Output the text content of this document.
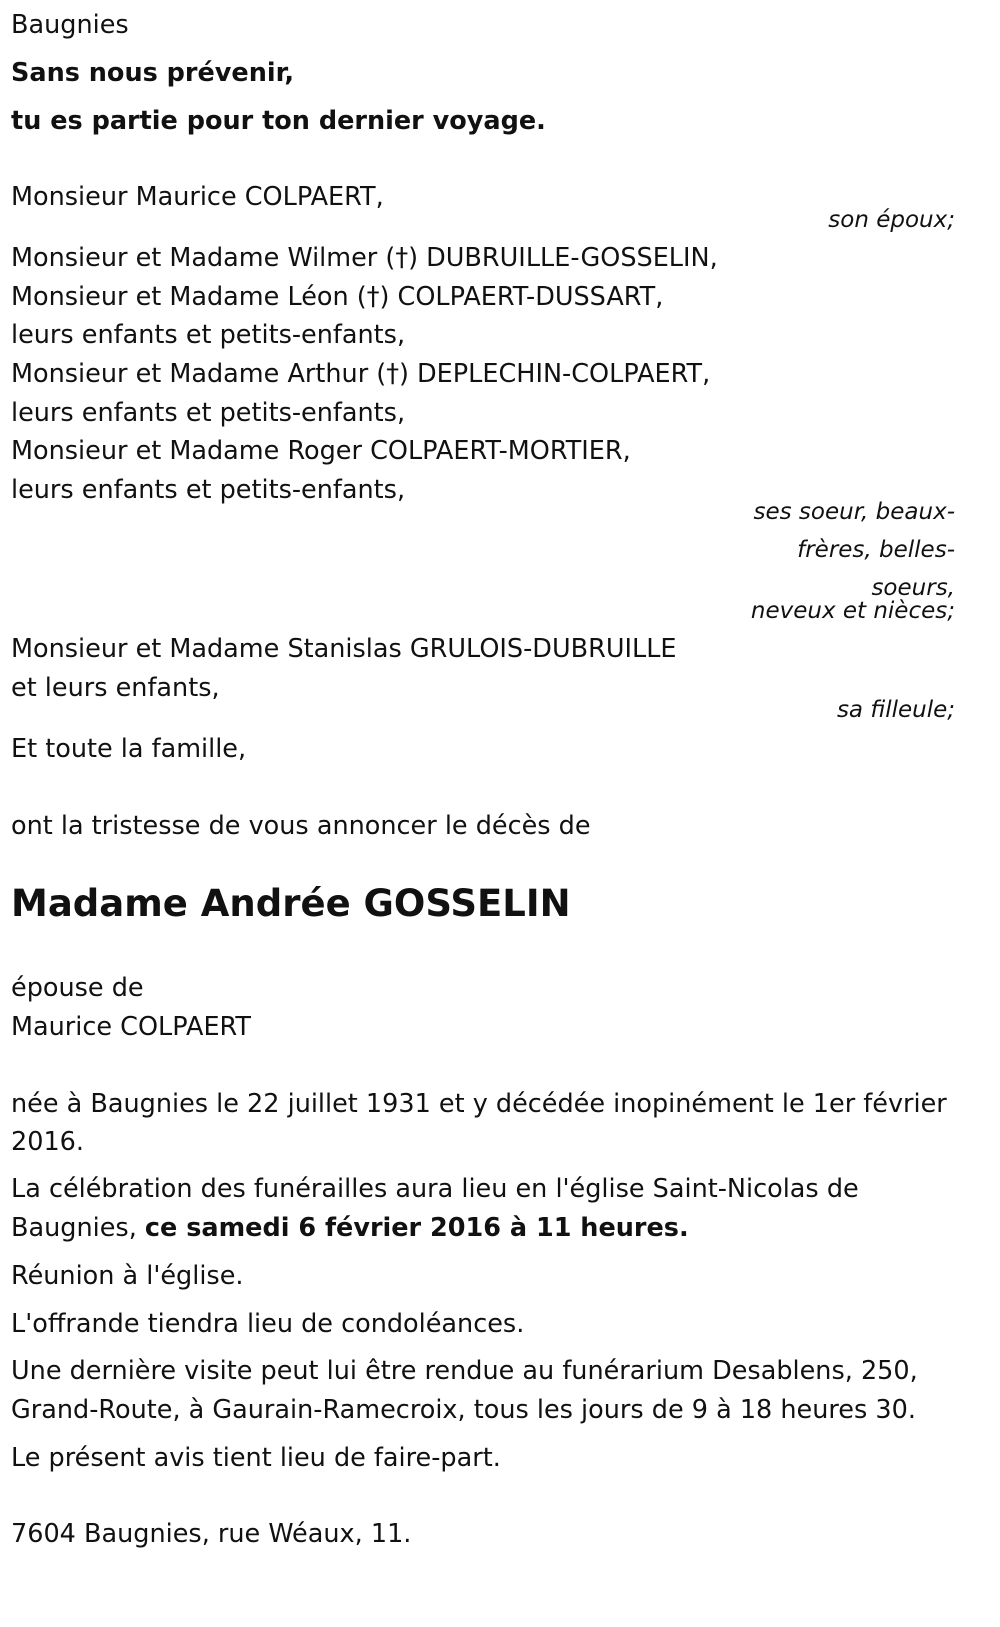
Baugnies
Sans nous prévenir,
tu es partie pour ton dernier voyage.
Monsieur Maurice COLPAERT,
son époux;
Monsieur et Madame Wilmer (†) DUBRUILLE-GOSSELIN,
Monsieur et Madame Léon (†) COLPAERT-DUSSART,
leurs enfants et petits-enfants,
Monsieur et Madame Arthur (†) DEPLECHIN-COLPAERT,
leurs enfants et petits-enfants,
Monsieur et Madame Roger COLPAERT-MORTIER,
leurs enfants et petits-enfants,
ses soeur, beaux-
frères, belles-
soeurs,
neveux et nièces;
Monsieur et Madame Stanislas GRULOIS-DUBRUILLE
et leurs enfants,
sa filleule;
Et toute la famille,
ont la tristesse de vous annoncer le décès de
Madame Andrée GOSSELIN
épouse de
Maurice COLPAERT
née à Baugnies le 22 juillet 1931 et y décédée inopinément le 1er février
2016.
La célébration des funérailles aura lieu en l'église Saint-Nicolas de
Baugnies, ce samedi 6 février 2016 à 11 heures.
Réunion à l'église.
L'offrande tiendra lieu de condoléances.
Une dernière visite peut lui être rendue au funérarium Desablens, 250,
Grand-Route, à Gaurain-Ramecroix, tous les jours de 9 à 18 heures 30.
Le présent avis tient lieu de faire-part.
7604 Baugnies, rue Wéaux, 11.
